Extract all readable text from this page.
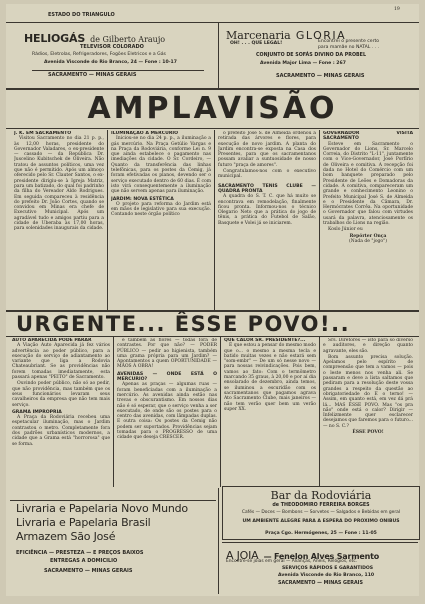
ESTADO DO TRIANGULO
19
HELIOGÁS de Gilberto Araujo
TELEVISOR COLORADO
Rádios, Eletrolas, Refrigeradores, Fogões Eletricos e a Gás
Avenida Visconde do Rio Branco, 24 — Fone : 10-17
SACRAMENTO — MINAS GERAIS
Marcenaria GLORIA
OH! . . . QUE LEGAL!	Encontrei o presente certo
para mamãe no NATAL . . .
CONJUNTO DE SOFÁS DIVINO DA PROBEL
Avenida Major Lima — Fone : 267
SACRAMENTO — MINAS GERAIS
AMPLAVISÃO
J. K. EM SACRAMENTO

Visitou Sacramento no dia 21 p. p., às 12,00 horas, presidente do Governador Valadares, o ex-presidente — cassado — da República Dr. Juscelino Kubitschek de Oliveira. Não tratou de assuntos políticos, uma vez que não é permitido. Após um almoço oferecido pelo Sr. Clauter Santos, o ex-presidente dirigiu-se à Igreja Matriz, para um batizado, do qual foi padrinho da filha do Vereador Aldo Rodrigues. Em seguida compareceu à residência do prefeito Dr. João Cortes, quando se convidou em Minas era chefe de Executivo Municipal. Após um agradável tudo e amigos partiu para a cidade de Uberaba às 17,00 horas, para solenidades inaugurais da cidade.

ILUMINAÇÃO A MERCURIO

Iniciou-se no dia 24 p. p., a iluminação a gás mercúrio. Na Praça Getúlio Vargas e na Praça da Rodoviária, conforme Lei n. 9 que ainda estabelece o pagamento nas imediações da cidade. O Sr. Cordeiro, — Quanto da transferência das linhas telefônicas, para os postes da Cemig, já foram efetivadas os planos, devendo ser o serviço executado dentro de 60 dias. É com isto virá consequentemente a iluminação que não servem apenas para iluminação.

JARDIM: NOVA ESTÉTICA

O projeto para reforma do Jardim está em mãos de legislativo para sua execução. Contando neste órgão político

o prefeito José S. de Almeida ordenou a retirada das árvores e flores, para execução de novo jardim. A planta do Jardim encontra-se exposta na Casa dos Presentes, para que os sacramentanos possam avaliar a suntuosidade de nosso futuro "praça de amores".

Congratulamos-nos com o executivo municipal.

SACRAMENTO TENIS CLUBE — QUADRA PRONTA

A quadra do S. T. C. que há muito se encontrava em remodelação, finalmente ficou pronta. Informou-nos o técnico Olegario Neto que a prática do jogo de tênis, a prática do Futebol de Salão, Basquete e Volei já se iniciarem.

GOVERNADOR VISITA SACRAMENTO

Esteve em Sacramento o Governador do Lions, Sr. Marcelo Correia, do Distrito "L-11", juntamente com o Vice-Governador, José Porfírio de Oliveira e comitiva. A recepção foi dada no Hotel do Comércio com um bom banquete preparado pelo Presidente de Leões e Domadoras da cidade. A comitiva, compareceram um grande e conhecimento Leonino o Prefeito Municipal José S. de Almeida e o Presidente da Câmara, Dr. Hermócrates Corrêa. Na oportunidade o Governador que falou com virtudes usará da palavra, atenciosamente os trabalhos do Lions na região.

Koslo Júnior eu

Repórter Onça
(Nada de "jogo")
URGENTE... ÊSSE POVO!..
AUTO APARECIDA PODE PARAR

A Viação Auto Aparecida já fez vários advertência ao poder público, para a execução do serviço de adiantamento ao variante que liga a Rodovia Chateaubriant. Se as providências não forem tomadas imediatamente, esta passará apenas "PEITO" de Sacramento.

Ouvindo poder público, não só ao pedir, que não providência, mas também que os seus funcionários levaram seus cavalheiros da empresa que não tem mais serviço.

GRAMA IMPROPRIA

A Praça da Rodoviária recebeu uma espetacular iluminação, mas o Jardim contrastou o metro. Completamente fora dos padrões urbanísticos modernos, a cidade que a Grama está "horrorosa" que se forma.

e também as flores — tôdas fora de contrastes. Por que não? — PODER PÚBLICO — pedir ao higienista, também uma grama própria para um Jardim? — Apontamentos a quem OPORTUNIDADE — MÃOS À OBRA!

AVENIDAS — ONDE ESTÁ O MERCURIO?

Apenas as praças — algumas ruas — foram beneficiadas com a iluminação a mercúrio. As avenidas ainda estão nas trevas e obscurantismo. Em nossos dias não é só esperar, que o serviço venha a ser executado, de onde são os postes para o centro das avenidas, com lâmpadas duplas. E outra coisa: Os postes da Cemig não podem ser suportados. Providências sejam tomadas para o PROGRESSO de uma cidade que deseja CRESCER.

QUE CALOR SR. PRESIDENTE?...

É que estou a pensar do mesmo modo que o... o mesmo a mesma tecla e batido muitas vezes e não estará sem "som-embr" — De um só nesse novo — para nossas reivindicações. Pois bem, vamos ao fato: Com o termômetro marcando 35 graus, à 20,00 e por aí dia ensolarado de dezembro, ainda temos, se iluminou a escuridão com os sacramentanos que pagamos agrava Ato Sacramento Clube, mais janeiros — não tem verão quer bem um verão super XX.

Srs. Diretores — isto para só diverso e auditores, e direção quanto agravante, eles são.

Bom assunto precisa solução. Apelamos pelo espírito de compreensão que tem a vamos — pois o leste menos nos venha ali. Se passaram e deve a lista saltamos que pediram para a resolução deste vossa grandes a respeito da questão ao obrigatoriedade do E o terno! — Assim, em quanto está, em vez dá prá lá... MAS ÊSSE POVO. Mas "os pra não" onde está o calor? Dirigir — Infelizmente quer esclarecer desejamos que faremos para o futuro... — no S. C.?

ÊSSE POVO!
Bar da Rodoviária
de THEODOMIRO FERREIRA BORGES
Cafés — Doces — Bombons — Sorvetes — Salgados e Bebidas em geral
UM AMBIENTE ALEGRE PARA A ESPERA DO PROXIMO ONIBUS
Praça Cgo. Hermógenes, 25 — Fone : 11-05
Livraria e Papelaria Novo Mundo
Livraria e Papelaria Brasil
Armazem São José
EFICIÊNCIA — PRESTEZA — E PREÇOS BAIXOS
ENTREGAS A DOMICILIO
SACRAMENTO — MINAS GERAIS
A JOIA — Fenelon Alves Sarmento
Encontre-se jóias em geral — Alianças, Aneis, Relógios, etc.
SERVIÇOS RÁPIDOS E GARANTIDOS
Avenida Visconde do Rio Branco, 110
SACRAMENTO — MINAS GERAIS
